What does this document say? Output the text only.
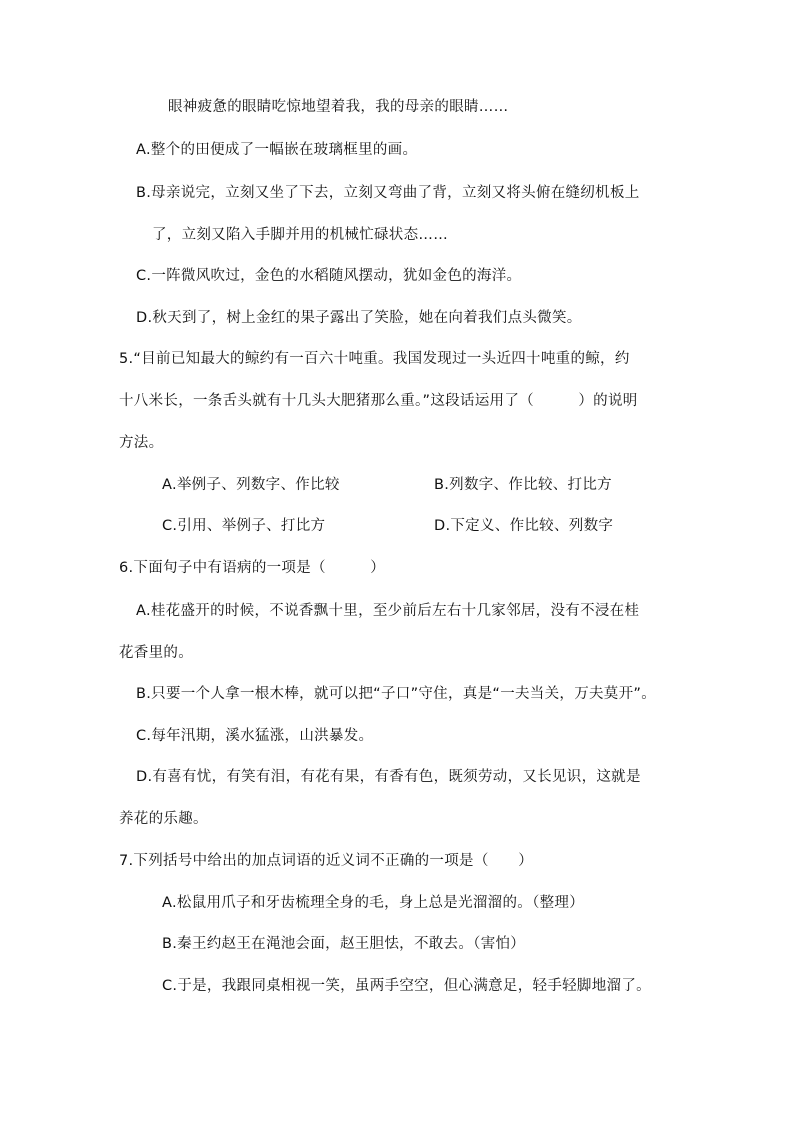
眼神疲惫的眼睛吃惊地望着我，我的母亲的眼睛……
A.整个的田便成了一幅嵌在玻璃框里的画。
B.母亲说完，立刻又坐了下去，立刻又弯曲了背，立刻又将头俯在缝纫机板上
了，立刻又陷入手脚并用的机械忙碌状态……
C.一阵微风吹过，金色的水稻随风摆动，犹如金色的海洋。
D.秋天到了，树上金红的果子露出了笑脸，她在向着我们点头微笑。
5.“目前已知最大的鲸约有一百六十吨重。我国发现过一头近四十吨重的鲸，约
十八米长，一条舌头就有十几头大肥猪那么重。”这段话运用了（　　　）的说明
方法。
A.举例子、列数字、作比较	B.列数字、作比较、打比方
C.引用、举例子、打比方	D.下定义、作比较、列数字
6.下面句子中有语病的一项是（　　　）
A.桂花盛开的时候，不说香飘十里，至少前后左右十几家邻居，没有不浸在桂
花香里的。
B.只要一个人拿一根木棒，就可以把“子口”守住，真是“一夫当关，万夫莫开”。
C.每年汛期，溪水猛涨，山洪暴发。
D.有喜有忧，有笑有泪，有花有果，有香有色，既须劳动，又长见识，这就是
养花的乐趣。
7.下列括号中给出的加点词语的近义词不正确的一项是（　　）
A.松鼠用爪子和牙齿梳理全身的毛，身上总是光溜溜的。（整理）
B.秦王约赵王在渑池会面，赵王胆怯，不敢去。（害怕）
C.于是，我跟同桌相视一笑，虽两手空空，但心满意足，轻手轻脚地溜了。
